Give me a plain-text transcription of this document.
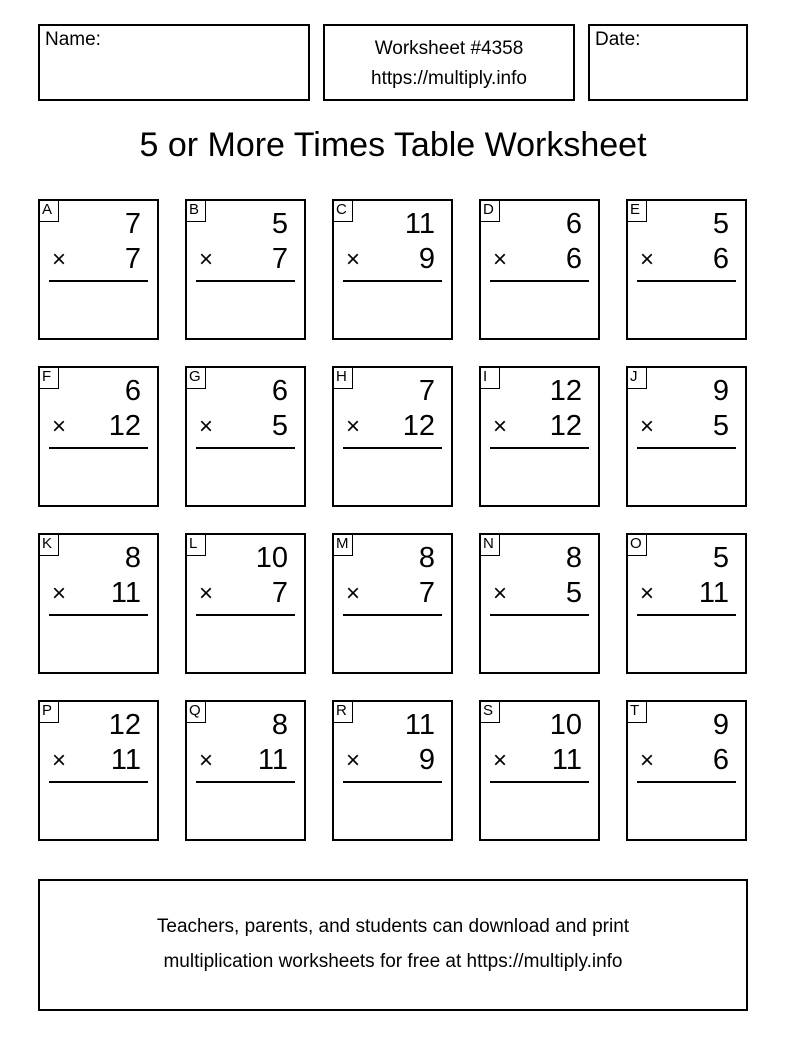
Name:	Worksheet #4358
https://multiply.info
Date:
5 or More Times Table Worksheet
A	7
× 7
B	5
× 7
C 11
× 9
D 6
× 6
E	5
× 6
F	6
× 12
G 6
× 5
H 7
× 12
I	12
× 12
J	9
× 5
K	8
× 11
L 10
× 7
M 8
× 7
N 8
× 5
O 5
× 11
P 12
× 11
Q 8
× 11
R 11
× 9
S 10
× 11
T	9
× 6
Teachers, parents, and students can download and print
multiplication worksheets for free at https://multiply.info
